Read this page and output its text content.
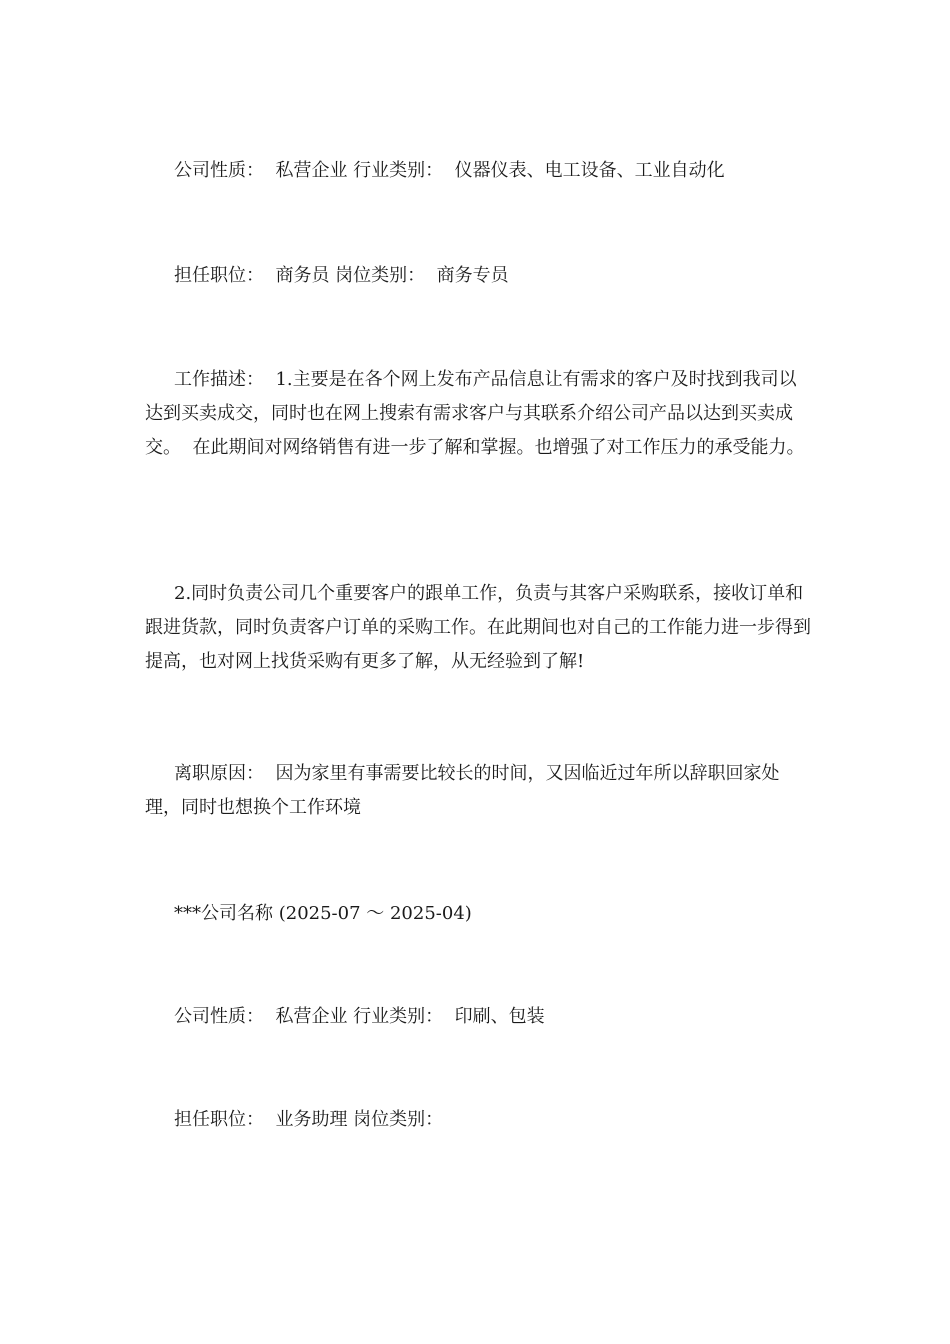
公司性质：  私营企业 行业类别：  仪器仪表、电工设备、工业自动化

担任职位：  商务员 岗位类别：  商务专员

工作描述：  1.主要是在各个网上发布产品信息让有需求的客户及时找到我司以达到买卖成交，同时也在网上搜索有需求客户与其联系介绍公司产品以达到买卖成交。  在此期间对网络销售有进一步了解和掌握。也增强了对工作压力的承受能力。

2.同时负责公司几个重要客户的跟单工作，负责与其客户采购联系，接收订单和跟进货款，同时负责客户订单的采购工作。在此期间也对自己的工作能力进一步得到提高，也对网上找货采购有更多了解，从无经验到了解!

离职原因：  因为家里有事需要比较长的时间，又因临近过年所以辞职回家处理，同时也想换个工作环境

***公司名称 (2025-07 ～ 2025-04)

公司性质：  私营企业 行业类别：  印刷、包装

担任职位：  业务助理 岗位类别：
